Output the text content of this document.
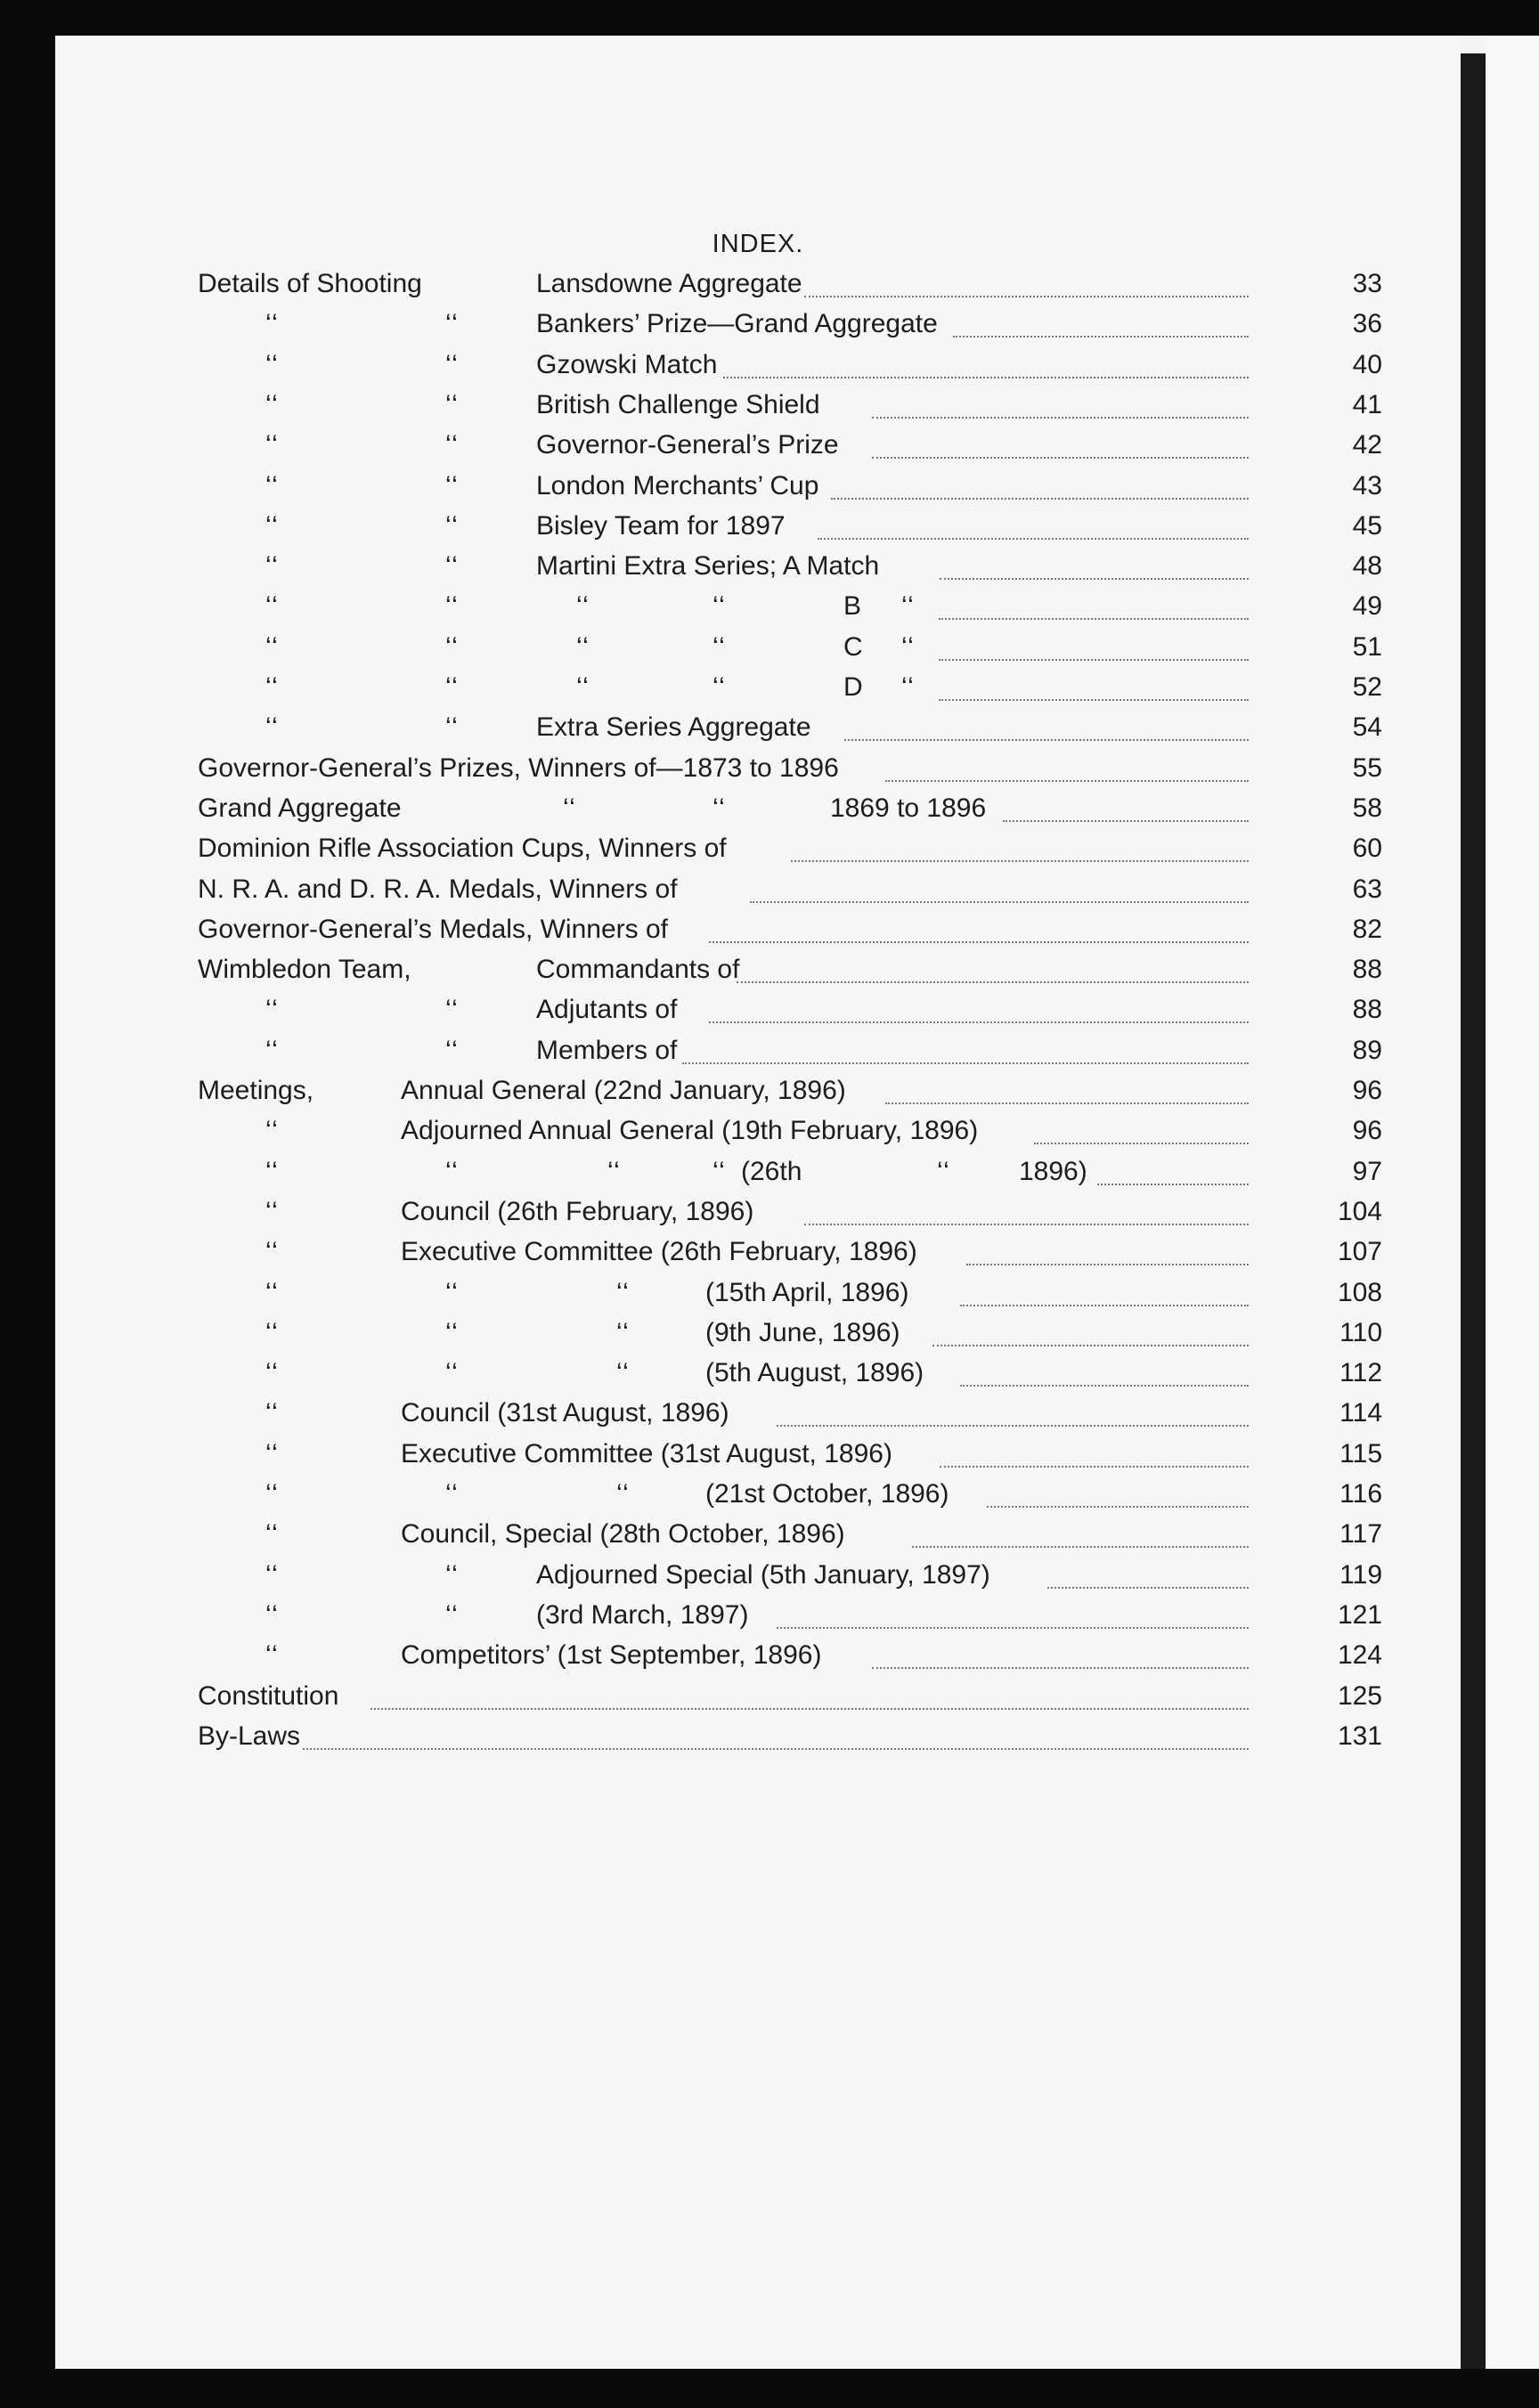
INDEX.
Details of Shooting	Lansdowne Aggregate	33
‘‘	‘‘	Bankers’ Prize—Grand Aggregate	36
‘‘	‘‘	Gzowski Match	40
‘‘	‘‘	British Challenge Shield	41
‘‘	‘‘	Governor-General’s Prize	42
‘‘	‘‘	London Merchants’ Cup	43
‘‘	‘‘	Bisley Team for 1897	45
‘‘	‘‘	Martini Extra Series; A Match	48
‘‘	‘‘	‘‘	‘‘	B ‘‘	49
‘‘	‘‘	‘‘	‘‘	C ‘‘	51
‘‘	‘‘	‘‘	‘‘	D ‘‘	52
‘‘	‘‘	Extra Series Aggregate	54
Governor-General’s Prizes, Winners of—1873 to 1896	55
Grand Aggregate	‘‘	‘‘	1869 to 1896	58
Dominion Rifle Association Cups, Winners of	60
N. R. A. and D. R. A. Medals, Winners of	63
Governor-General’s Medals, Winners of	82
Wimbledon Team,	Commandants of	88
‘‘	‘‘	Adjutants of	88
‘‘	‘‘	Members of	89
Meetings,	Annual General (22nd January, 1896)	96
‘‘	Adjourned Annual General (19th February, 1896)	96
‘‘	‘‘	‘‘	‘‘ (26th	‘‘	1896)	97
‘‘	Council (26th February, 1896)	104
‘‘	Executive Committee (26th February, 1896)	107
‘‘	‘‘	‘‘	(15th April, 1896)	108
‘‘	‘‘	‘‘	(9th June, 1896)	110
‘‘	‘‘	‘‘	(5th August, 1896)	112
‘‘	Council (31st August, 1896)	114
‘‘	Executive Committee (31st August, 1896)	115
‘‘	‘‘	‘‘	(21st October, 1896)	116
‘‘	Council, Special (28th October, 1896)	117
‘‘	‘‘	Adjourned Special (5th January, 1897)	119
‘‘	‘‘	(3rd March, 1897)	121
‘‘	Competitors’ (1st September, 1896)	124
Constitution	125
By-Laws	131
